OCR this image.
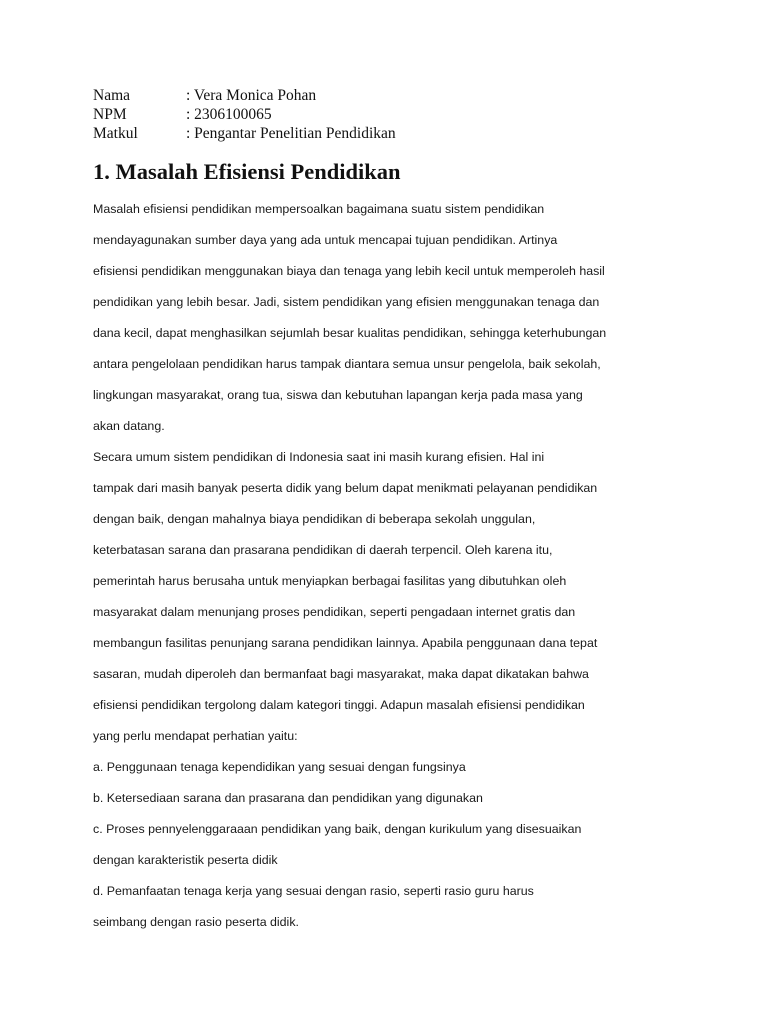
Nama	: Vera Monica Pohan
NPM	: 2306100065
Matkul	: Pengantar Penelitian Pendidikan
1. Masalah Efisiensi Pendidikan
Masalah efisiensi pendidikan mempersoalkan bagaimana suatu sistem pendidikan
mendayagunakan sumber daya yang ada untuk mencapai tujuan pendidikan. Artinya
efisiensi pendidikan menggunakan biaya dan tenaga yang lebih kecil untuk memperoleh hasil
pendidikan yang lebih besar. Jadi, sistem pendidikan yang efisien menggunakan tenaga dan
dana kecil, dapat menghasilkan sejumlah besar kualitas pendidikan, sehingga keterhubungan
antara pengelolaan pendidikan harus tampak diantara semua unsur pengelola, baik sekolah,
lingkungan masyarakat, orang tua, siswa dan kebutuhan lapangan kerja pada masa yang
akan datang.
Secara umum sistem pendidikan di Indonesia saat ini masih kurang efisien. Hal ini
tampak dari masih banyak peserta didik yang belum dapat menikmati pelayanan pendidikan
dengan baik, dengan mahalnya biaya pendidikan di beberapa sekolah unggulan,
keterbatasan sarana dan prasarana pendidikan di daerah terpencil. Oleh karena itu,
pemerintah harus berusaha untuk menyiapkan berbagai fasilitas yang dibutuhkan oleh
masyarakat dalam menunjang proses pendidikan, seperti pengadaan internet gratis dan
membangun fasilitas penunjang sarana pendidikan lainnya. Apabila penggunaan dana tepat
sasaran, mudah diperoleh dan bermanfaat bagi masyarakat, maka dapat dikatakan bahwa
efisiensi pendidikan tergolong dalam kategori tinggi. Adapun masalah efisiensi pendidikan
yang perlu mendapat perhatian yaitu:
a. Penggunaan tenaga kependidikan yang sesuai dengan fungsinya
b. Ketersediaan sarana dan prasarana dan pendidikan yang digunakan
c. Proses pennyelenggaraaan pendidikan yang baik, dengan kurikulum yang disesuaikan
dengan karakteristik peserta didik
d. Pemanfaatan tenaga kerja yang sesuai dengan rasio, seperti rasio guru harus
seimbang dengan rasio peserta didik.
